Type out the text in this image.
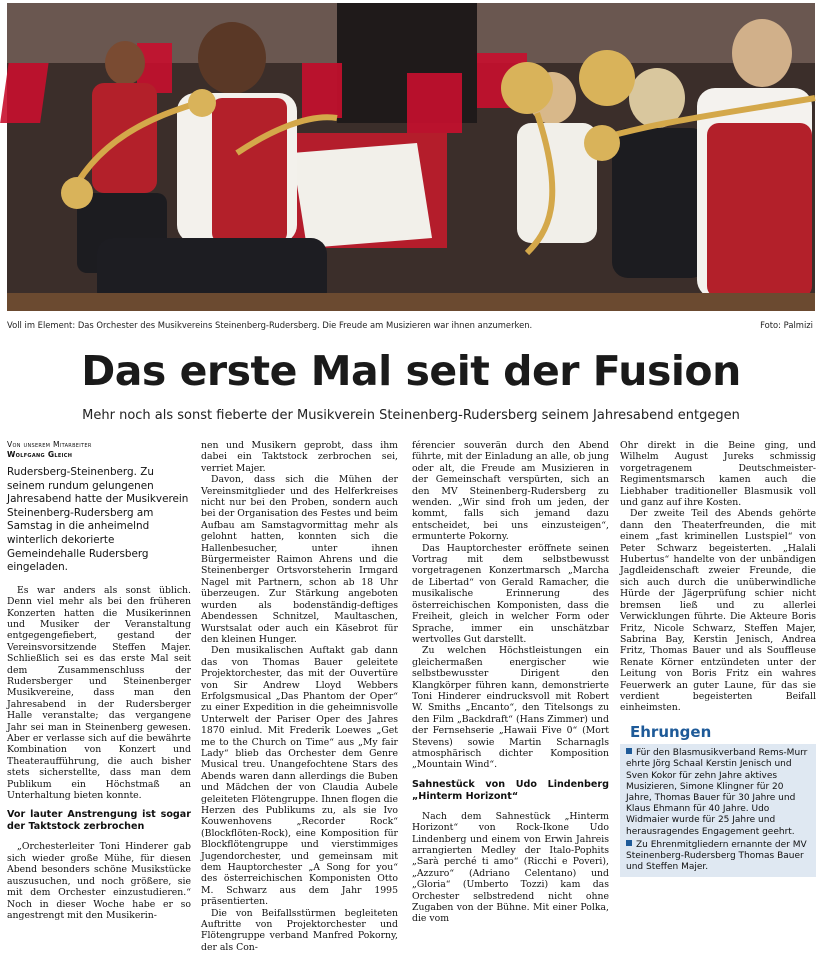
Voll im Element: Das Orchester des Musikvereins Steinenberg-Rudersberg. Die Freude am Musizieren war ihnen anzumerken.	Foto: Palmizi
Das erste Mal seit der Fusion
Mehr noch als sonst fieberte der Musikverein Steinenberg-Rudersberg seinem Jahresabend entgegen
Von unserem Mitarbeiter
Wolfgang Gleich
Rudersberg-Steinenberg. Zu seinem rundum gelungenen Jahresabend hatte der Musikverein Steinenberg-Rudersberg am Samstag in die anheimelnd winterlich dekorierte Gemeindehalle Rudersberg eingeladen.

Es war anders als sonst üblich. Denn viel mehr als bei den früheren Konzerten hatten die Musikerinnen und Musiker der Veranstaltung entgegengefiebert, gestand der Vereinsvorsitzende Steffen Majer. Schließlich sei es das erste Mal seit dem Zusammenschluss der Rudersberger und Steinenberger Musikvereine, dass man den Jahresabend in der Rudersberger Halle veranstalte; das vergangene Jahr sei man in Steinenberg gewesen. Aber er verlasse sich auf die bewährte Kombination von Konzert und Theateraufführung, die auch bisher stets sicherstellte, dass man dem Publikum ein Höchstmaß an Unterhaltung bieten konnte.

Vor lauter Anstrengung ist sogar der Taktstock zerbrochen

„Orchesterleiter Toni Hinderer gab sich wieder große Mühe, für diesen Abend besonders schöne Musikstücke auszusuchen, und noch größere, sie mit dem Orchester einzustudieren.“ Noch in dieser Woche habe er so angestrengt mit den Musikerin-

nen und Musikern geprobt, dass ihm dabei ein Taktstock zerbrochen sei, verriet Majer.

Davon, dass sich die Mühen der Vereinsmitglieder und des Helferkreises nicht nur bei den Proben, sondern auch bei der Organisation des Festes und beim Aufbau am Samstagvormittag mehr als gelohnt hatten, konnten sich die Hallenbesucher, unter ihnen Bürgermeister Raimon Ahrens und die Steinenberger Ortsvorsteherin Irmgard Nagel mit Partnern, schon ab 18 Uhr überzeugen. Zur Stärkung angeboten wurden als bodenständig-deftiges Abendessen Schnitzel, Maultaschen, Wurstsalat oder auch ein Käsebrot für den kleinen Hunger.

Den musikalischen Auftakt gab dann das von Thomas Bauer geleitete Projektorchester, das mit der Ouvertüre von Sir Andrew Lloyd Webbers Erfolgsmusical „Das Phantom der Oper“ zu einer Expedition in die geheimnisvolle Unterwelt der Pariser Oper des Jahres 1870 einlud. Mit Frederik Loewes „Get me to the Church on Time“ aus „My fair Lady“ blieb das Orchester dem Genre Musical treu. Unangefochtene Stars des Abends waren dann allerdings die Buben und Mädchen der von Claudia Aubele geleiteten Flötengruppe. Ihnen flogen die Herzen des Publikums zu, als sie Ivo Kouwenhovens „Recorder Rock“ (Blockflöten-Rock), eine Komposition für Blockflötengruppe und vierstimmiges Jugendorchester, und gemeinsam mit dem Hauptorchester „A Song for you“ des österreichischen Komponisten Otto M. Schwarz aus dem Jahr 1995 präsentierten.

Die von Beifallsstürmen begleiteten Auftritte von Projektorchester und Flötengruppe verband Manfred Pokorny, der als Con-

férencier souverän durch den Abend führte, mit der Einladung an alle, ob jung oder alt, die Freude am Musizieren in der Gemeinschaft verspürten, sich an den MV Steinenberg-Rudersberg zu wenden. „Wir sind froh um jeden, der kommt, falls sich jemand dazu entscheidet, bei uns einzusteigen“, ermunterte Pokorny.

Das Hauptorchester eröffnete seinen Vortrag mit dem selbstbewusst vorgetragenen Konzertmarsch „Marcha de Libertad“ von Gerald Ramacher, die musikalische Erinnerung des österreichischen Komponisten, dass die Freiheit, gleich in welcher Form oder Sprache, immer ein unschätzbar wertvolles Gut darstellt.

Zu welchen Höchstleistungen ein gleichermaßen energischer wie selbstbewusster Dirigent den Klangkörper führen kann, demonstrierte Toni Hinderer eindrucksvoll mit Robert W. Smiths „Encanto“, den Titelsongs zu den Film „Backdraft“ (Hans Zimmer) und der Fernsehserie „Hawaii Five 0“ (Mort Stevens) sowie Martin Scharnagls atmosphärisch dichter Komposition „Mountain Wind“.

Sahnestück von Udo Lindenberg „Hinterm Horizont“

Nach dem Sahnestück „Hinterm Horizont“ von Rock-Ikone Udo Lindenberg und einem von Erwin Jahreis arrangierten Medley der Italo-Pophits „Sarà perché ti amo“ (Ricchi e Poveri), „Azzuro“ (Adriano Celentano) und „Gloria“ (Umberto Tozzi) kam das Orchester selbstredend nicht ohne Zugaben von der Bühne. Mit einer Polka, die vom

Ohr direkt in die Beine ging, und Wilhelm August Jureks schmissig vorgetragenem Deutschmeister-Regimentsmarsch kamen auch die Liebhaber traditioneller Blasmusik voll und ganz auf ihre Kosten.

Der zweite Teil des Abends gehörte dann den Theaterfreunden, die mit einem „fast kriminellen Lustspiel“ von Peter Schwarz begeisterten. „Halali Hubertus“ handelte von der unbändigen Jagdleidenschaft zweier Freunde, die sich auch durch die unüberwindliche Hürde der Jägerprüfung schier nicht bremsen ließ und zu allerlei Verwicklungen führte. Die Akteure Boris Fritz, Nicole Schwarz, Steffen Majer, Sabrina Bay, Kerstin Jenisch, Andrea Fritz, Thomas Bauer und als Souffleuse Renate Körner entzündeten unter der Leitung von Boris Fritz ein wahres Feuerwerk an guter Laune, für das sie verdient begeisterten Beifall einheimsten.

Ehrungen

Für den Blasmusikverband Rems-Murr ehrte Jörg Schaal Kerstin Jenisch und Sven Kokor für zehn Jahre aktives Musizieren, Simone Klingner für 20 Jahre, Thomas Bauer für 30 Jahre und Klaus Ehmann für 40 Jahre. Udo Widmaier wurde für 25 Jahre und herausragendes Engagement geehrt.

Zu Ehrenmitgliedern ernannte der MV Steinenberg-Rudersberg Thomas Bauer und Steffen Majer.
